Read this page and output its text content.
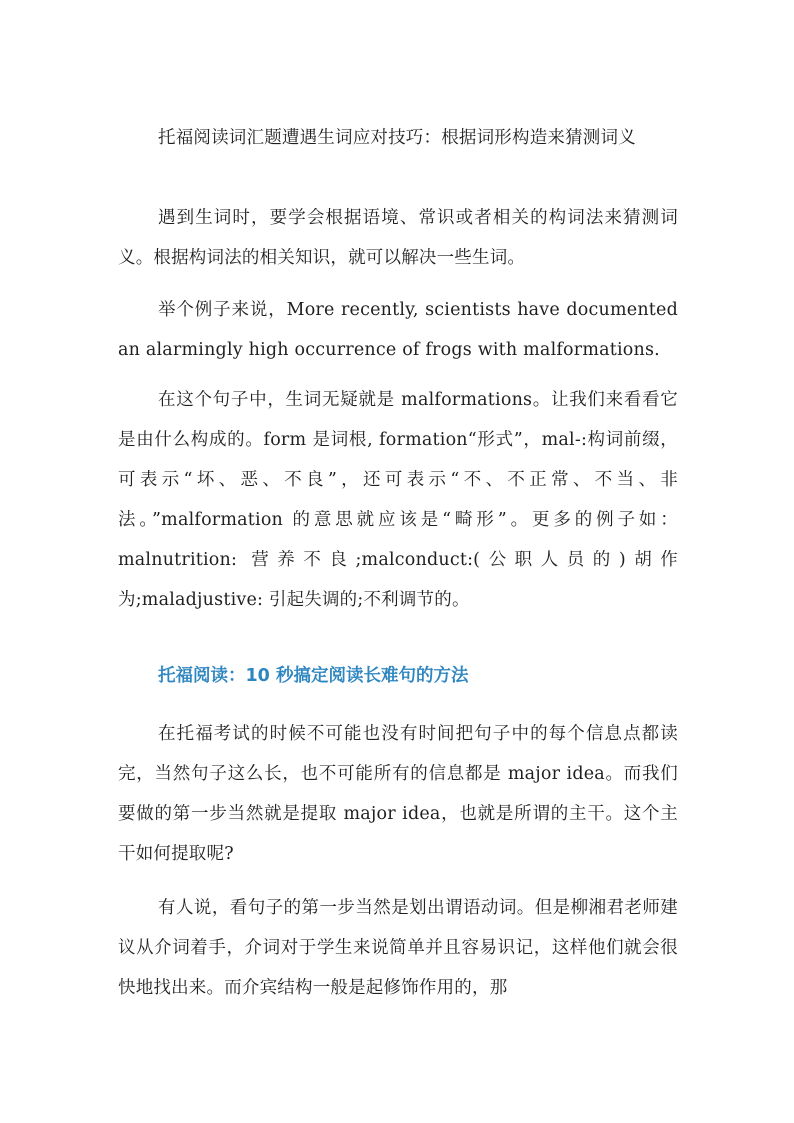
托福阅读词汇题遭遇生词应对技巧：根据词形构造来猜测词义

遇到生词时，要学会根据语境、常识或者相关的构词法来猜测词义。根据构词法的相关知识，就可以解决一些生词。

举个例子来说，More recently, scientists have documented an alarmingly high occurrence of frogs with malformations.

在这个句子中，生词无疑就是 malformations。让我们来看看它是由什么构成的。form 是词根, formation“形式”，mal-:构词前缀，可表示“坏、恶、不良”，还可表示“不、不正常、不当、非法。”malformation 的意思就应该是“畸形”。更多的例子如：malnutrition: 营养不良;malconduct:(公职人员的)胡作为;maladjustive: 引起失调的;不利调节的。

托福阅读：10 秒搞定阅读长难句的方法

在托福考试的时候不可能也没有时间把句子中的每个信息点都读完，当然句子这么长，也不可能所有的信息都是 major idea。而我们要做的第一步当然就是提取 major idea，也就是所谓的主干。这个主干如何提取呢?

有人说，看句子的第一步当然是划出谓语动词。但是柳湘君老师建议从介词着手，介词对于学生来说简单并且容易识记，这样他们就会很快地找出来。而介宾结构一般是起修饰作用的，那
